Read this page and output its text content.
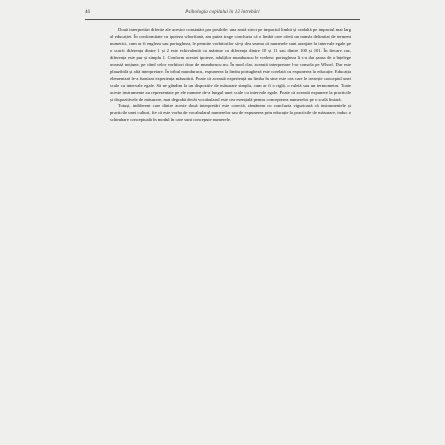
46	Psihologia copilului în 12 întrebări

Două interpretări diferite ale acestor constatări par posibile: una arată strict pe impactul limbii și cealaltă pe impactul mai larg al educației. În conformitate cu ipoteza whorfiană, am putea trage concluzia că o limbă care oferă un număr delimitat de termeni numerici, cum ar fi engleza sau portugheza, le permite vorbitorilor să-și dea seama că numerele sunt aranjate la intervale egale pe o scară: diferența dintre 1 și 2 este echivalentă cu mărime cu diferența dintre 10 și 11 sau dintre 100 și 101. În fiecare caz, diferența este pur și simplu 1. Conform acestei ipoteze, adulților mundurucu le vorbesc portugheza li s-a dat șansa de a înțelege această noțiune, pe când celor vorbitori doar de mundurucu nu. În mod clar, această interpretare l-ar consola pe Whorf. Dar este plauzibilă și altă interpretare. În tribul mundurucu, expunerea la limba portugheză este corelată cu expunerea la educație. Educația elementară le-a furnizat experiența măsurării. Poate că această experiență nu limba în sine este cea care le trezește conceptul unei scale cu intervale egale. Să ne gândim la un dispozitiv de măsurare simplu, cum ar fi o riglă, o ruletă sau un termometru. Toate aceste instrumente au reprezentate pe ele numere de-a lungul unei scale cu intervale egale. Poate că această expunere la practicile și dispozitivele de măsurare, mai degrabă decât vocabularul este cea esențială pentru concepterea numerelor pe o scală liniară.

Totuși, indiferent care dintre aceste două interpretări este corectă, rămânem cu concluzia vigurioasă că instrumentele și practicile unei culturi, fie că este vorba de vocabularul numerelor sau de expunerea prin educație la practicile de măsurare, induc o schimbare conceptuală în modul în care sunt concepute numerele.
